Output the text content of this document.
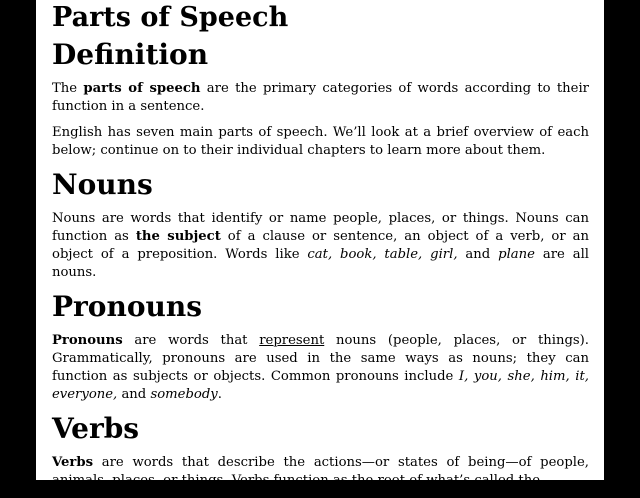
Parts of Speech
Definition

The parts of speech are the primary categories of words according to their function in a sentence.

English has seven main parts of speech. We’ll look at a brief overview of each below; continue on to their individual chapters to learn more about them.

Nouns

Nouns are words that identify or name people, places, or things. Nouns can function as the subject of a clause or sentence, an object of a verb, or an object of a preposition. Words like cat, book, table, girl, and plane are all nouns.

Pronouns

Pronouns are words that represent nouns (people, places, or things). Grammatically, pronouns are used in the same ways as nouns; they can function as subjects or objects. Common pronouns include I, you, she, him, it, everyone, and somebody.

Verbs

Verbs are words that describe the actions—or states of being—of people, animals, places, or things. Verbs function as the root of what’s called the
